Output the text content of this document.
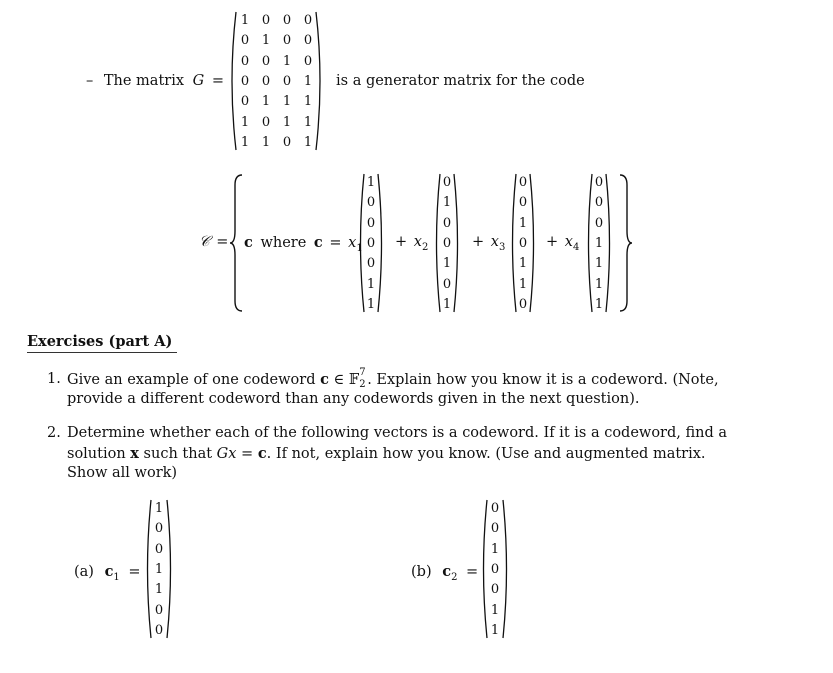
– The matrix G =
1 0 0 0
0 1 0 0
0 0 1 0
0 0 0 1
0 1 1 1
1 0 1 1
1 1 0 1
is a generator matrix for the code
𝒞 = c where $c = x_1$
1
0
0
0
0
1
1
+ $x_2$
0
1
0
0
1
0
1
+ $x_3$
0
0
1
0
1
1
0
+ $x_4$
0
0
0
1
1
1
1
Exercises (part A)
1. Give an example of one codeword c ∈ 𝔽 7
2 . Explain how you know it is a codeword. (Note,
provide a different codeword than any codewords given in the next question).
2. Determine whether each of the following vectors is a codeword. If it is a codeword, find a
solution x such that Gx = c. If not, explain how you know. (Use and augmented matrix.
Show all work)
(a) $c_1$ =
1
0
0
1
1
0
0
(b) $c_2$ =
0
0
1
0
0
1
1
